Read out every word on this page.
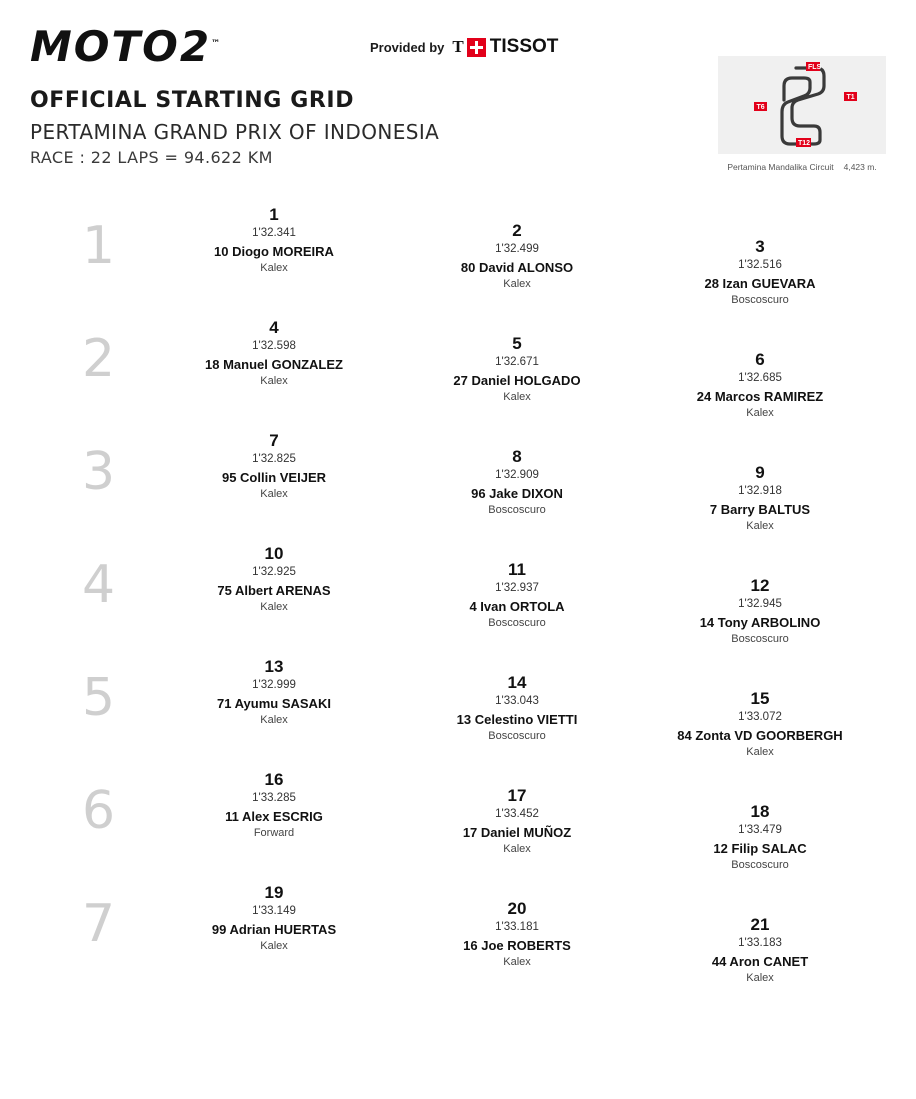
MOTO2™	Provided by T TISSOT
OFFICIAL STARTING GRID
PERTAMINA GRAND PRIX OF INDONESIA
RACE : 22 LAPS = 94.622 KM
FLS
T1
T6
T12
Pertamina Mandalika Circuit 4,423 m.
1
1
1'32.341
10 Diogo MOREIRA
Kalex
2
1'32.499
80 David ALONSO
Kalex
3
1'32.516
28 Izan GUEVARA
Boscoscuro
2
4
1'32.598
18 Manuel GONZALEZ
Kalex
5
1'32.671
27 Daniel HOLGADO
Kalex
6
1'32.685
24 Marcos RAMIREZ
Kalex
3
7
1'32.825
95 Collin VEIJER
Kalex
8
1'32.909
96 Jake DIXON
Boscoscuro
9
1'32.918
7 Barry BALTUS
Kalex
4
10
1'32.925
75 Albert ARENAS
Kalex
11
1'32.937
4 Ivan ORTOLA
Boscoscuro
12
1'32.945
14 Tony ARBOLINO
Boscoscuro
5
13
1'32.999
71 Ayumu SASAKI
Kalex
14
1'33.043
13 Celestino VIETTI
Boscoscuro
15
1'33.072
84 Zonta VD GOORBERGH
Kalex
6
16
1'33.285
11 Alex ESCRIG
Forward
17
1'33.452
17 Daniel MUÑOZ
Kalex
18
1'33.479
12 Filip SALAC
Boscoscuro
7
19
1'33.149
99 Adrian HUERTAS
Kalex
20
1'33.181
16 Joe ROBERTS
Kalex
21
1'33.183
44 Aron CANET
Kalex
